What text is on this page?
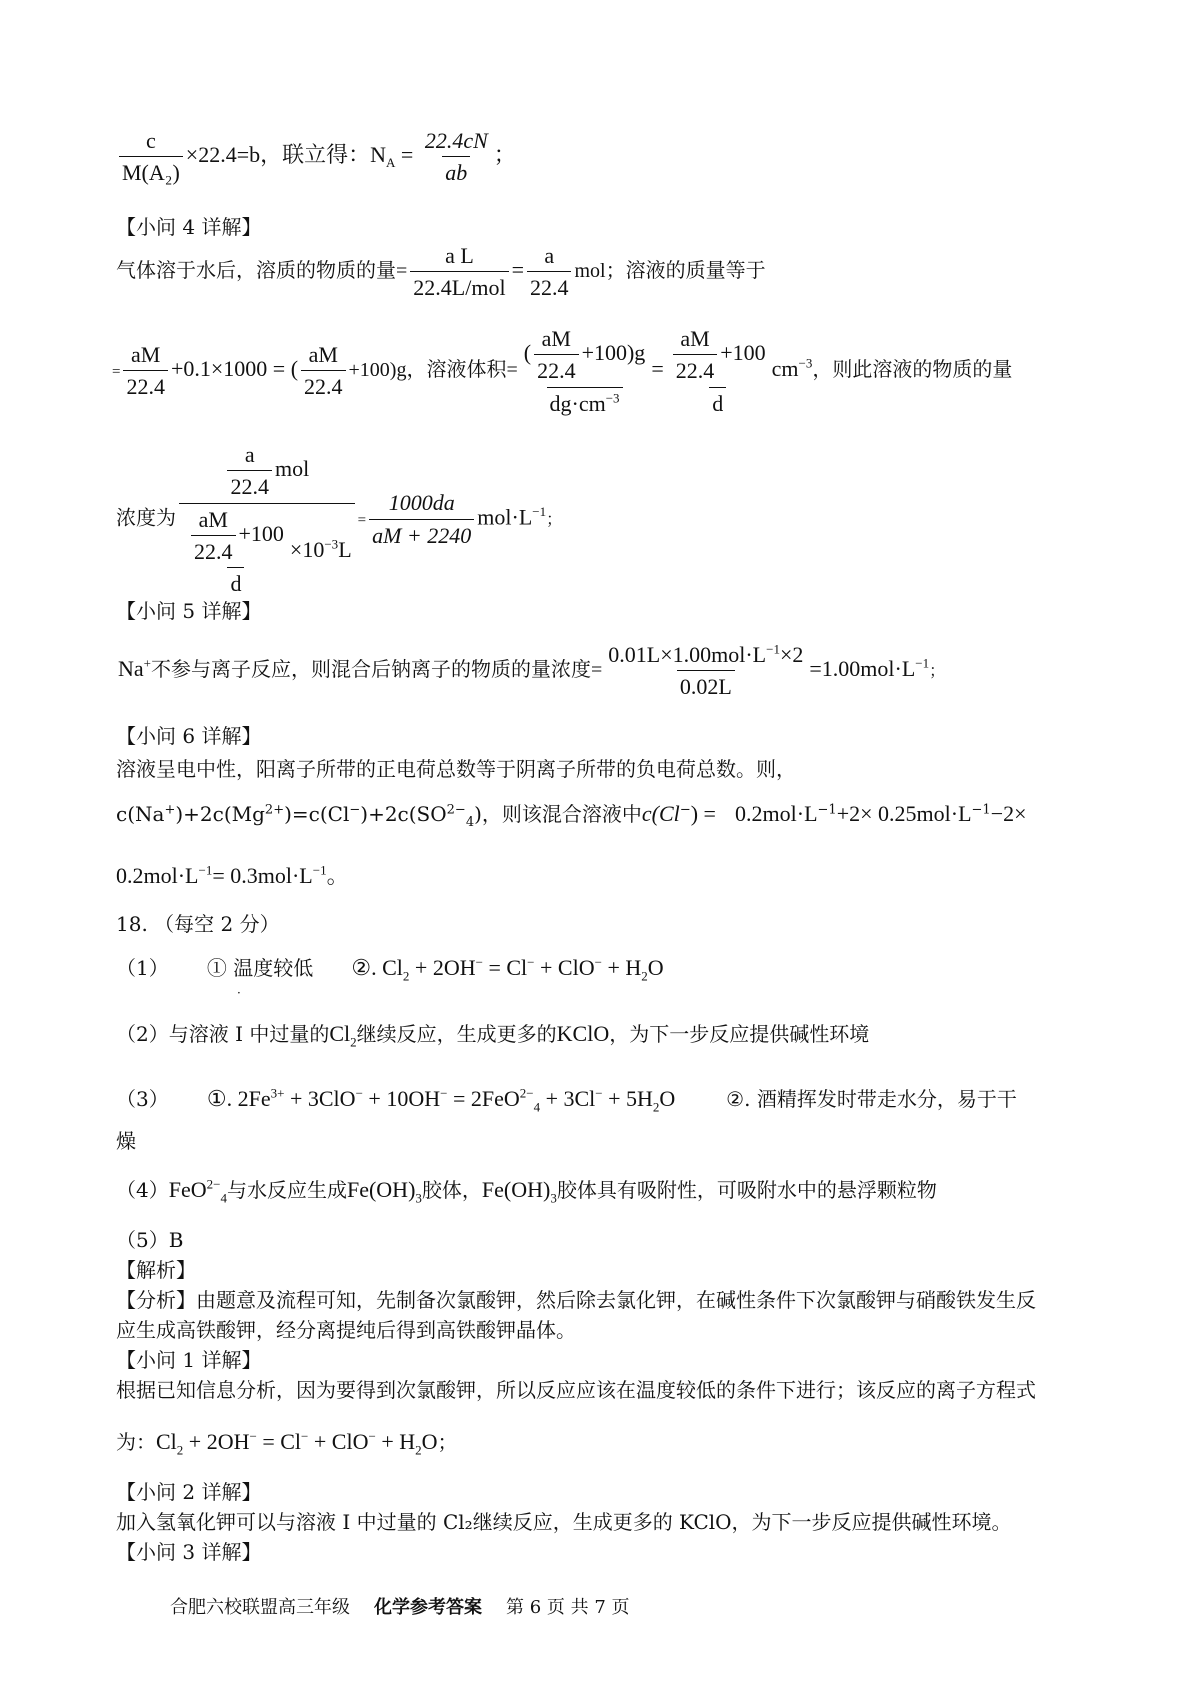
$\frac{c}{\text{M(A₂)}} \times 22.4=b$，联立得：$N_A = \frac{22.4cN}{ab}$ ；
【小问 4 详解】
气体溶于水后，溶质的物质的量= $\frac{\text{a L}}{\text{22.4L/mol}} = \frac{a}{22.4}$ mol；溶液的质量等于
= $\frac{aM}{22.4} +0.1\times 1000$ = ( $\frac{aM}{22.4} +100)g$，溶液体积= $\frac{( \frac{aM}{22.4} +100)g}{dg\cdot cm^{-3}} = \frac{\frac{aM}{22.4} +100}{d} cm^{-3}$，则此溶液的物质的量
浓度为 $\frac{\frac{a}{22.4} mol}{\frac{\frac{aM}{22.4} +100}{d} \times 10^{-3}L} = \frac{1000da}{aM + 2240} mol\cdot L^{-1}$；
【小问 5 详解】
Na+不参与离子反应，则混合后钠离子的物质的量浓度= $\frac{0.01L\times 1.00mol\cdot L^{-1}\times 2}{0.02L} =1.00mol\cdot L^{-1}$；
【小问 6 详解】
溶液呈电中性，阳离子所带的正电荷总数等于阴离子所带的负电荷总数。则，
$c(Na^+)+2c(Mg^{2+})=c(Cl^-)+2c(SO^{2-}_4)$，则该混合溶液中$c(Cl^-) = 0.2mol\cdot L^{-1}+2\times 0.25mol\cdot L^{-1}-2\times$
$0.2mol\cdot L^{-1}= 0.3mol\cdot L^{-1}$。
18. （每空 2 分）
（1） ① 温度较低 ②. $Cl_2 + 2OH^- = Cl^- + ClO^- + H_2O$
·
（2）与溶液 I 中过量的$Cl_2$继续反应，生成更多的KClO，为下一步反应提供碱性环境
（3） ①. $2Fe^{3+} + 3ClO^- + 10OH^- = 2FeO^{2-}_4 + 3Cl^- + 5H_2O$	②. 酒精挥发时带走水分，易于干
燥
（4）FeO$^{2-}_4$与水反应生成$Fe(OH)_3$胶体，$Fe(OH)_3$胶体具有吸附性，可吸附水中的悬浮颗粒物
（5）B
【解析】
【分析】由题意及流程可知，先制备次氯酸钾，然后除去氯化钾，在碱性条件下次氯酸钾与硝酸铁发生反
应生成高铁酸钾，经分离提纯后得到高铁酸钾晶体。
【小问 1 详解】
根据已知信息分析，因为要得到次氯酸钾，所以反应应该在温度较低的条件下进行；该反应的离子方程式
为：$Cl_2 + 2OH^- = Cl^- + ClO^- + H_2O$；
【小问 2 详解】
加入氢氧化钾可以与溶液 I 中过量的 Cl₂继续反应，生成更多的 KClO，为下一步反应提供碱性环境。
【小问 3 详解】
合肥六校联盟高三年级 化学参考答案 第 6 页 共 7 页
